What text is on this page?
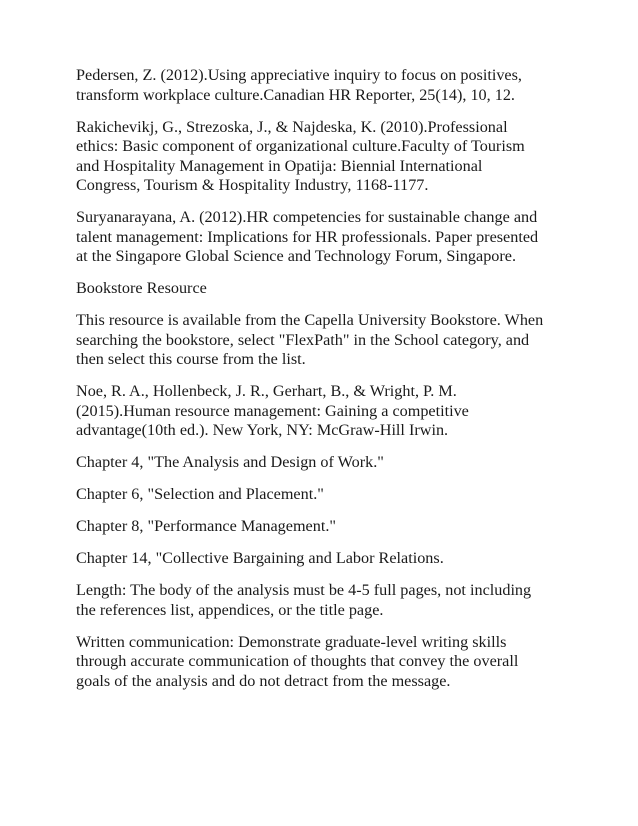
Pedersen, Z. (2012).Using appreciative inquiry to focus on positives,
transform workplace culture.Canadian HR Reporter, 25(14), 10, 12.

Rakichevikj, G., Strezoska, J., & Najdeska, K. (2010).Professional
ethics: Basic component of organizational culture.Faculty of Tourism
and Hospitality Management in Opatija: Biennial International
Congress, Tourism & Hospitality Industry, 1168-1177.

Suryanarayana, A. (2012).HR competencies for sustainable change and
talent management: Implications for HR professionals. Paper presented
at the Singapore Global Science and Technology Forum, Singapore.

Bookstore Resource

This resource is available from the Capella University Bookstore. When
searching the bookstore, select "FlexPath" in the School category, and
then select this course from the list.

Noe, R. A., Hollenbeck, J. R., Gerhart, B., & Wright, P. M.
(2015).Human resource management: Gaining a competitive
advantage(10th ed.). New York, NY: McGraw-Hill Irwin.

Chapter 4, "The Analysis and Design of Work."

Chapter 6, "Selection and Placement."

Chapter 8, "Performance Management."

Chapter 14, "Collective Bargaining and Labor Relations.

Length: The body of the analysis must be 4-5 full pages, not including
the references list, appendices, or the title page.

Written communication: Demonstrate graduate-level writing skills
through accurate communication of thoughts that convey the overall
goals of the analysis and do not detract from the message.
